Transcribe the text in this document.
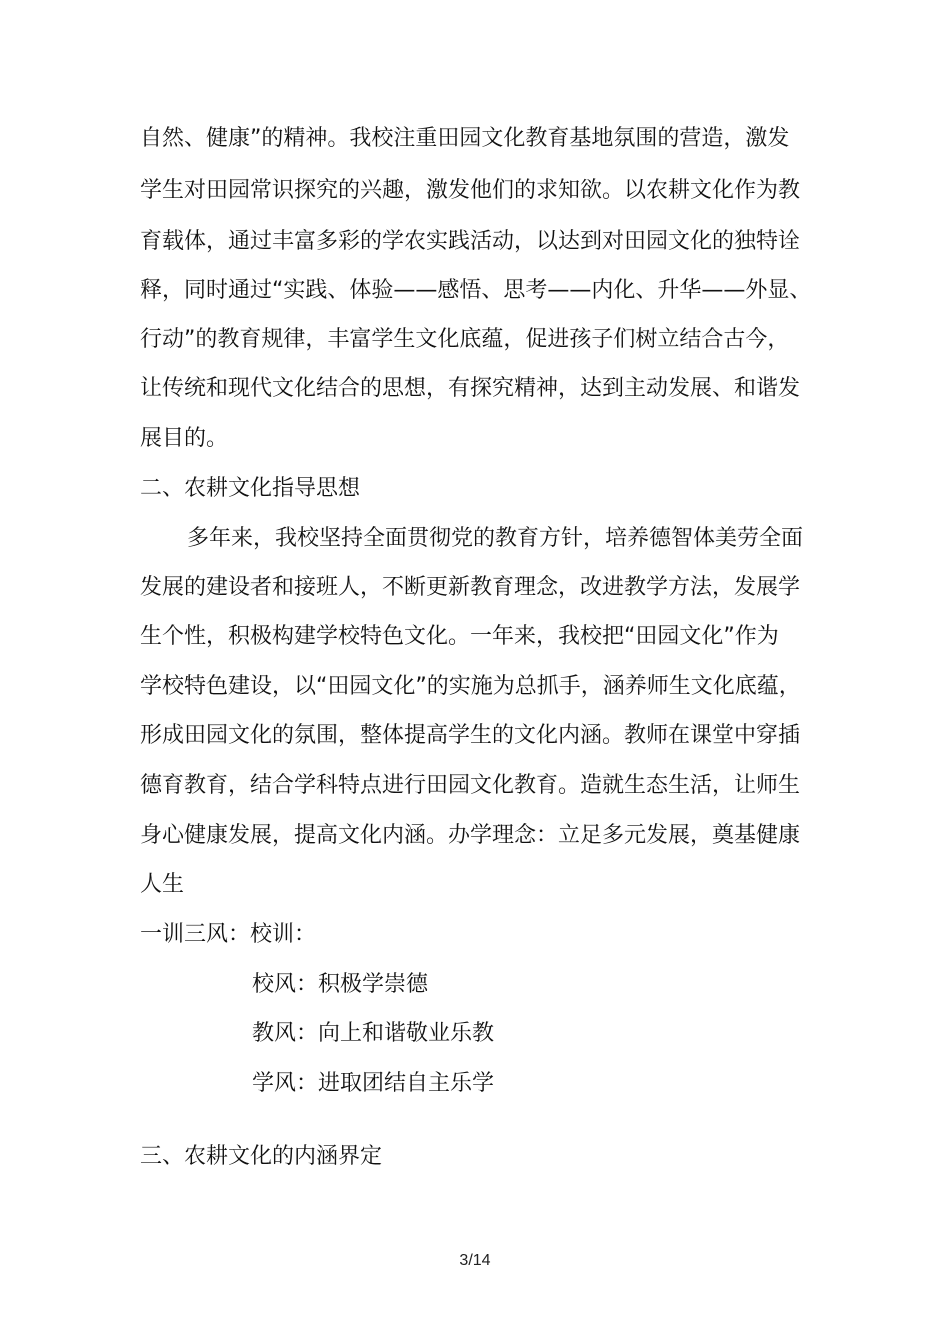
自然、健康”的精神。我校注重田园文化教育基地氛围的营造，激发
学生对田园常识探究的兴趣，激发他们的求知欲。以农耕文化作为教
育载体，通过丰富多彩的学农实践活动，以达到对田园文化的独特诠
释，同时通过“实践、体验——感悟、思考——内化、升华——外显、
行动”的教育规律，丰富学生文化底蕴，促进孩子们树立结合古今，
让传统和现代文化结合的思想，有探究精神，达到主动发展、和谐发
展目的。
二、农耕文化指导思想
多年来，我校坚持全面贯彻党的教育方针，培养德智体美劳全面
发展的建设者和接班人，不断更新教育理念，改进教学方法，发展学
生个性，积极构建学校特色文化。一年来，我校把“田园文化”作为
学校特色建设，以“田园文化”的实施为总抓手，涵养师生文化底蕴，
形成田园文化的氛围，整体提高学生的文化内涵。教师在课堂中穿插
德育教育，结合学科特点进行田园文化教育。造就生态生活，让师生
身心健康发展，提高文化内涵。办学理念：立足多元发展，奠基健康
人生
一训三风：校训：
校风：积极学崇德
教风：向上和谐敬业乐教
学风：进取团结自主乐学
三、农耕文化的内涵界定
3/14
